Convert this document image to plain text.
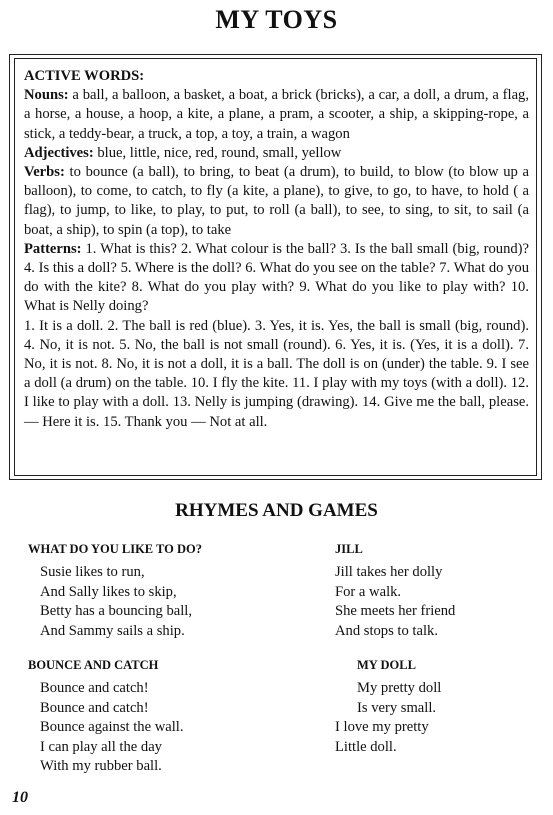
MY TOYS

ACTIVE WORDS:

Nouns: a ball, a balloon, a basket, a boat, a brick (bricks), a car, a doll, a drum, a flag, a horse, a house, a hoop, a kite, a plane, a pram, a scooter, a ship, a skipping-rope, a stick, a teddy-bear, a truck, a top, a toy, a train, a wagon

Adjectives: blue, little, nice, red, round, small, yellow

Verbs: to bounce (a ball), to bring, to beat (a drum), to build, to blow (to blow up a balloon), to come, to catch, to fly (a kite, a plane), to give, to go, to have, to hold ( a flag), to jump, to like, to play, to put, to roll (a ball), to see, to sing, to sit, to sail (a boat, a ship), to spin (a top), to take

Patterns: 1. What is this? 2. What colour is the ball? 3. Is the ball small (big, round)? 4. Is this a doll? 5. Where is the doll? 6. What do you see on the table? 7. What do you do with the kite? 8. What do you play with? 9. What do you like to play with? 10. What is Nelly doing?

1. It is a doll. 2. The ball is red (blue). 3. Yes, it is. Yes, the ball is small (big, round). 4. No, it is not. 5. No, the ball is not small (round). 6. Yes, it is. (Yes, it is a doll). 7. No, it is not. 8. No, it is not a doll, it is a ball. The doll is on (under) the table. 9. I see a doll (a drum) on the table. 10. I fly the kite. 11. I play with my toys (with a doll). 12. I like to play with a doll. 13. Nelly is jumping (drawing). 14. Give me the ball, please. — Here it is. 15. Thank you — Not at all.

RHYMES AND GAMES
WHAT DO YOU LIKE TO DO?
Susie likes to run,
And Sally likes to skip,
Betty has a bouncing ball,
And Sammy sails a ship.
JILL
Jill takes her dolly
For a walk.
She meets her friend
And stops to talk.
BOUNCE AND CATCH
Bounce and catch!
Bounce and catch!
Bounce against the wall.
I can play all the day
With my rubber ball.
MY DOLL
My pretty doll
Is very small.
I love my pretty
Little doll.
10
